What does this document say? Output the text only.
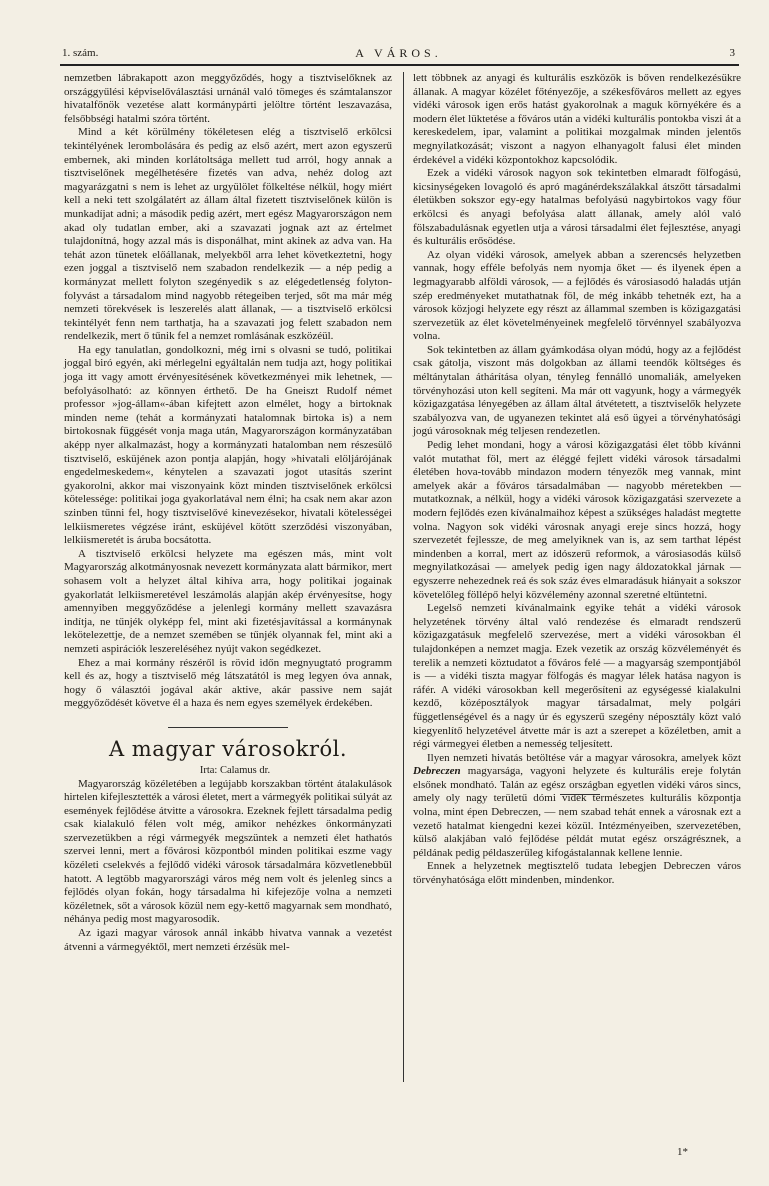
1. szám.	A VÁROS.	3

nemzetben lábrakapott azon meggyőződés, hogy a tisztviselőknek az országgyűlési képviselőválasztási urnánál való tömeges és számtalanszor hivatalfőnök vezetése alatt kormánypárti jelöltre történt leszavazása, felsőbbségi hatalmi szóra történt.

Mind a két körülmény tökéletesen elég a tisztviselő erkölcsi tekintélyének lerombolására és pedig az első azért, mert azon egyszerű embernek, aki minden korlátoltsága mellett tud arról, hogy annak a tisztviselőnek megélhetésére fizetés van adva, nehéz dolog azt magyarázgatni s nem is lehet az urgyülölet fölkeltése nélkül, hogy miért kell a neki tett szolgálatért az állam által fizetett tisztviselőnek külön is munkadíjat adni; a második pedig azért, mert egész Magyarországon nem akad oly tudatlan ember, aki a szavazati jognak azt az értelmet tulajdonítná, hogy azzal más is disponálhat, mint akinek az adva van. Ha tehát azon tünetek előállanak, melyekből arra lehet következtetni, hogy ezen joggal a tisztviselő nem szabadon rendelkezik — a nép pedig a kormányzat mellett folyton szegényedik s az elégedetlenség folyton-folyvást a társadalom mind nagyobb rétegeiben terjed, sőt ma már még nemzeti törekvések is leszerelés alatt állanak, — a tisztviselő erkölcsi tekintélyét fenn nem tarthatja, ha a szavazati jog felett szabadon nem rendelkezik, mert ő tűnik fel a nemzet romlásának eszközéül.

Ha egy tanulatlan, gondolkozni, még irni s olvasni se tudó, politikai joggal biró egyén, aki mérlegelni egyáltalán nem tudja azt, hogy politikai joga itt vagy amott érvényesítésének következményei mik lehetnek, — befolyásolható: az könnyen érthető. De ha Gneiszt Rudolf német professor »jog-állam«-ában kifejtett azon elmélet, hogy a birtoknak minden neme (tehát a kormányzati hatalomnak birtoka is) a nem birtokosnak függését vonja maga után, Magyarországon kormányzatában aképp nyer alkalmazást, hogy a kormányzati hatalomban nem részesülő tisztviselő, esküjének azon pontja alapján, hogy »hivatali elöljárójának engedelmeskedem«, kénytelen a szavazati jogot utasítás szerint gyakorolni, akkor mai viszonyaink közt minden tisztviselőnek erkölcsi kötelessége: politikai joga gyakorlatával nem élni; ha csak nem akar azon szinben tűnni fel, hogy tisztviselővé kinevezésekor, hivatali kötelességei lelkiismeretes végzése iránt, esküjével kötött szerződési viszonyában, lelkiismeretét is áruba bocsátotta.

A tisztviselő erkölcsi helyzete ma egészen más, mint volt Magyarország alkotmányosnak nevezett kormányzata alatt bármikor, mert sohasem volt a helyzet által kihíva arra, hogy politikai jogainak gyakorlatát lelkiismeretével leszámolás alapján akép érvényesítse, hogy amennyiben meggyőződése a jelenlegi kormány mellett szavazásra indítja, ne tűnjék olyképp fel, mint aki fizetésjavítással a kormánynak lekötelezettje, de a nemzet szemében se tűnjék olyannak fel, mint aki a nemzeti aspirációk leszereléséhez nyújt vakon segédkezet.

Ehez a mai kormány részéről is rövid időn megnyugtató programm kell és az, hogy a tisztviselő még látszatától is meg legyen óva annak, hogy ő választói jogával akár aktive, akár passive nem saját meggyőződését követve él a haza és nem egyes személyek érdekében.

A magyar városokról.

Irta: Calamus dr.

Magyarország közéletében a legújabb korszakban történt átalakulások hirtelen kifejlesztették a városi életet, mert a vármegyék politikai súlyát az események fejlődése átvitte a városokra. Ezeknek fejlett társadalma pedig csak kialakuló félen volt még, amikor nehézkes önkormányzati szervezetükben a régi vármegyék megszüntek a nemzeti élet hathatós szervei lenni, mert a fővárosi központból minden politikai eszme vagy közéleti cselekvés a fejlődő vidéki városok társadalmára közvetlenebbül hatott. A legtöbb magyarországi város még nem volt és jelenleg sincs a fejlődés olyan fokán, hogy társadalma hi kifejezője volna a nemzeti közéletnek, sőt a városok közül nem egy-kettő magyarnak sem mondható, néhánya pedig most magyarosodik.

Az igazi magyar városok annál inkább hivatva vannak a vezetést átvenni a vármegyéktől, mert nemzeti érzésük mel-

lett többnek az anyagi és kulturális eszközök is bőven rendelkezésükre állanak. A magyar közélet főtényezője, a székesfőváros mellett az egyes vidéki városok igen erős hatást gyakorolnak a maguk környékére és a modern élet lüktetése a főváros után a vidéki kulturális pontokba viszi át a kereskedelem, ipar, valamint a politikai mozgalmak minden jelentős megnyilatkozását; viszont a nagyon elhanyagolt falusi élet minden érdekével a vidéki központokhoz kapcsolódik.

Ezek a vidéki városok nagyon sok tekintetben elmaradt fölfogású, kicsinységeken lovagoló és apró magánérdekszálakkal átszőtt társadalmi életükben sokszor egy-egy hatalmas befolyású nagybirtokos vagy főur erkölcsi és anyagi befolyása alatt állanak, amely alól való fölszabadulásnak egyetlen utja a városi társadalmi élet fejlesztése, anyagi és kulturális erősödése.

Az olyan vidéki városok, amelyek abban a szerencsés helyzetben vannak, hogy efféle befolyás nem nyomja őket — és ilyenek épen a legmagyarabb alföldi városok, — a fejlődés és városiasodó haladás utján szép eredményeket mutathatnak föl, de még inkább tehetnék ezt, ha a városok közjogi helyzete egy részt az állammal szemben is közigazgatási szervezetük az élet követelményeinek megfelelő törvénnyel szabályozva volna.

Sok tekintetben az állam gyámkodása olyan módú, hogy az a fejlődést csak gátolja, viszont más dolgokban az állami teendők költséges és méltánytalan áthárítása olyan, tényleg fennálló unomaliák, amelyeken törvényhozási uton kell segíteni. Ma már ott vagyunk, hogy a vármegyék közigazgatása lényegében az állam által átvétetett, a tisztviselők helyzete szabályozva van, de ugyanezen tekintet alá eső ügyei a törvényhatósági jogú városoknak még teljesen rendezetlen.

Pedig lehet mondani, hogy a városi közigazgatási élet több kívánni valót mutathat föl, mert az éléggé fejlett vidéki városok társadalmi életében hova-tovább mindazon modern tényezők meg vannak, mint amelyek akár a főváros társadalmában — nagyobb méretekben — mutatkoznak, a nélkül, hogy a vidéki városok közigazgatási szervezete a modern fejlődés ezen kívánalmaihoz képest a szükséges haladást megtette volna. Nagyon sok vidéki városnak anyagi ereje sincs hozzá, hogy szervezetét fejlessze, de meg amelyiknek van is, az sem tarthat lépést mindenben a korral, mert az idószerű reformok, a városiasodás külső megnyilatkozásai — amelyek pedig igen nagy áldozatokkal járnak — egyszerre nehezednek reá és sok száz éves elmaradásuk hiányait a sokszor követelőleg föllépő helyi közvélemény azonnal szeretné eltüntetni.

Legelső nemzeti kívánalmaink egyike tehát a vidéki városok helyzetének törvény által való rendezése és elmaradt rendszerű közigazgatásuk megfelelő szervezése, mert a vidéki városokban él tulajdonképen a nemzet magja. Ezek vezetik az ország közvéleményét és terelik a nemzeti köztudatot a főváros felé — a magyarság szempontjából is — a vidéki tiszta magyar fölfogás és magyar lélek hatása nagyon is ráfér. A vidéki városokban kell megerősíteni az egységessé kialakulni kezdő, középosztályok magyar társadalmat, mely polgári függetlenségével és a nagy úr és egyszerű szegény néposztály közt való kiegyenlítő helyzetével átvette már is azt a szerepet a közéletben, amit a régi vármegyei életben a nemesség teljesített.

Ilyen nemzeti hivatás betöltése vár a magyar városokra, amelyek közt Debreczen magyarsága, vagyoni helyzete és kulturális ereje folytán elsőnek mondható. Talán az egész országban egyetlen vidéki város sincs, amely oly nagy területű dómi vidék természetes kulturális központja volna, mint épen Debreczen, — nem szabad tehát ennek a városnak ezt a vezető hatalmat kiengedni kezei közül. Intézményeiben, szervezetében, külső alakjában való fejlődése példát mutat egész országrésznek, a példának pedig példaszerűleg kifogástalannak kellene lennie.

Ennek a helyzetnek megtisztelő tudata lebegjen Debreczen város törvényhatósága előtt mindenben, mindenkor.

1*
